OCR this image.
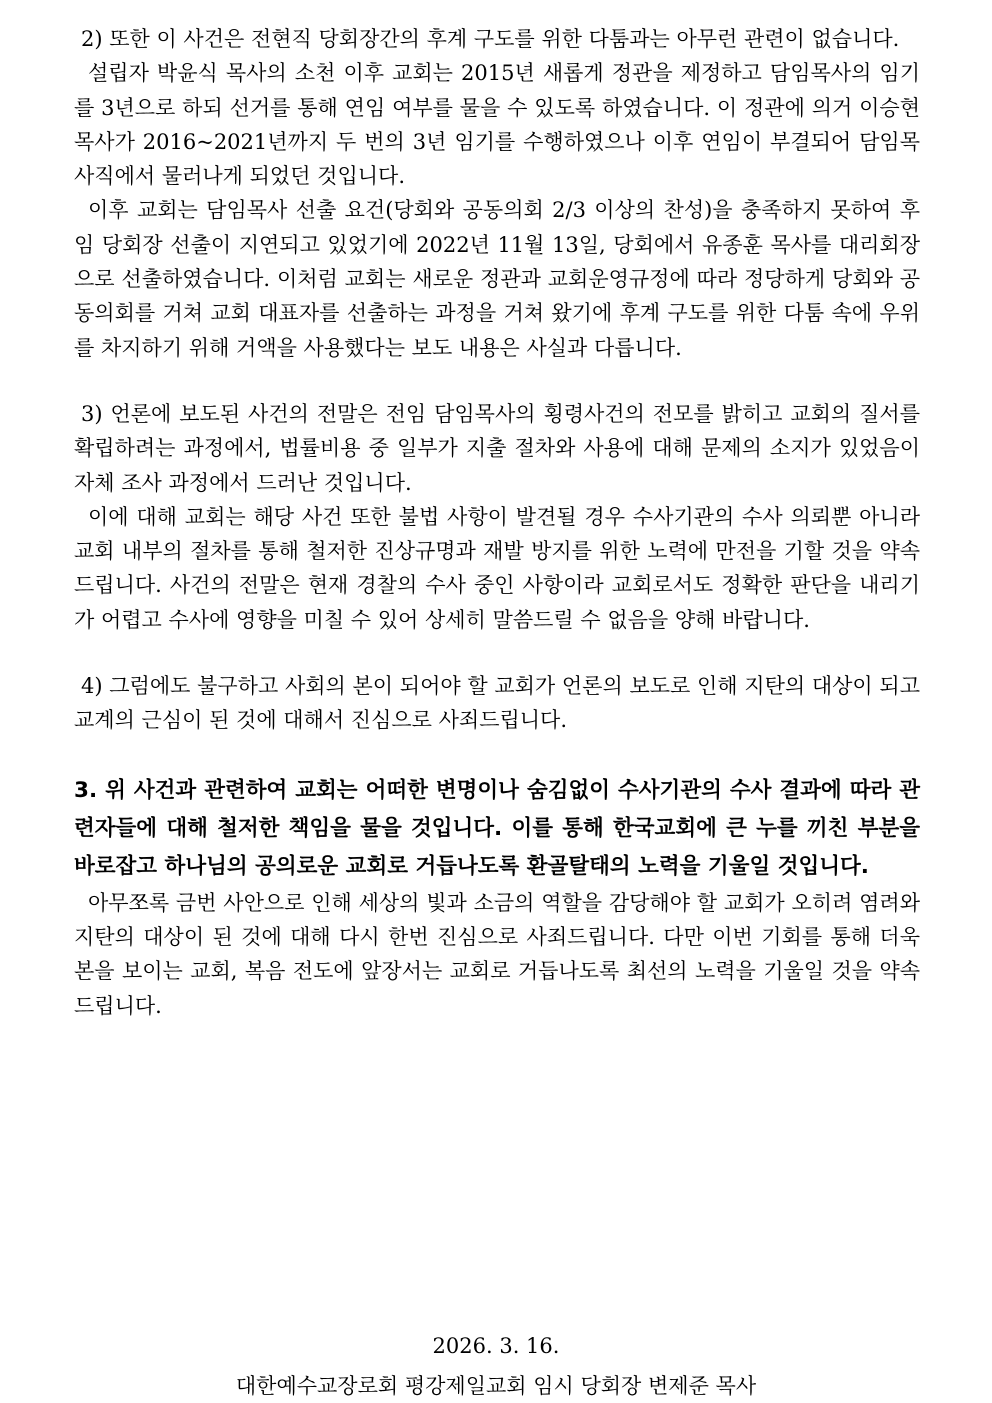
2) 또한 이 사건은 전현직 당회장간의 후계 구도를 위한 다툼과는 아무런 관련이 없습니다.

설립자 박윤식 목사의 소천 이후 교회는 2015년 새롭게 정관을 제정하고 담임목사의 임기를 3년으로 하되 선거를 통해 연임 여부를 물을 수 있도록 하였습니다. 이 정관에 의거 이승현 목사가 2016~2021년까지 두 번의 3년 임기를 수행하였으나 이후 연임이 부결되어 담임목사직에서 물러나게 되었던 것입니다.

이후 교회는 담임목사 선출 요건(당회와 공동의회 2/3 이상의 찬성)을 충족하지 못하여 후임 당회장 선출이 지연되고 있었기에 2022년 11월 13일, 당회에서 유종훈 목사를 대리회장으로 선출하였습니다. 이처럼 교회는 새로운 정관과 교회운영규정에 따라 정당하게 당회와 공동의회를 거쳐 교회 대표자를 선출하는 과정을 거쳐 왔기에 후계 구도를 위한 다툼 속에 우위를 차지하기 위해 거액을 사용했다는 보도 내용은 사실과 다릅니다.

3) 언론에 보도된 사건의 전말은 전임 담임목사의 횡령사건의 전모를 밝히고 교회의 질서를 확립하려는 과정에서, 법률비용 중 일부가 지출 절차와 사용에 대해 문제의 소지가 있었음이 자체 조사 과정에서 드러난 것입니다.

이에 대해 교회는 해당 사건 또한 불법 사항이 발견될 경우 수사기관의 수사 의뢰뿐 아니라 교회 내부의 절차를 통해 철저한 진상규명과 재발 방지를 위한 노력에 만전을 기할 것을 약속드립니다. 사건의 전말은 현재 경찰의 수사 중인 사항이라 교회로서도 정확한 판단을 내리기가 어렵고 수사에 영향을 미칠 수 있어 상세히 말씀드릴 수 없음을 양해 바랍니다.

4) 그럼에도 불구하고 사회의 본이 되어야 할 교회가 언론의 보도로 인해 지탄의 대상이 되고 교계의 근심이 된 것에 대해서 진심으로 사죄드립니다.

3. 위 사건과 관련하여 교회는 어떠한 변명이나 숨김없이 수사기관의 수사 결과에 따라 관련자들에 대해 철저한 책임을 물을 것입니다. 이를 통해 한국교회에 큰 누를 끼친 부분을 바로잡고 하나님의 공의로운 교회로 거듭나도록 환골탈태의 노력을 기울일 것입니다.

아무쪼록 금번 사안으로 인해 세상의 빛과 소금의 역할을 감당해야 할 교회가 오히려 염려와 지탄의 대상이 된 것에 대해 다시 한번 진심으로 사죄드립니다. 다만 이번 기회를 통해 더욱 본을 보이는 교회, 복음 전도에 앞장서는 교회로 거듭나도록 최선의 노력을 기울일 것을 약속드립니다.

2026. 3. 16.
대한예수교장로회 평강제일교회 임시 당회장 변제준 목사
